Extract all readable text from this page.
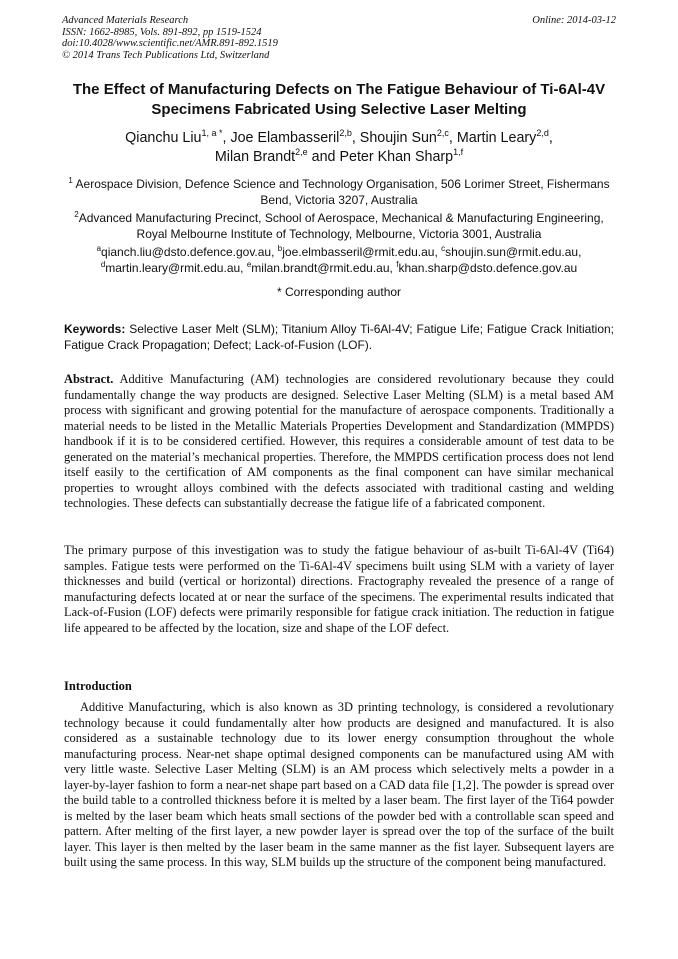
Advanced Materials Research
ISSN: 1662-8985, Vols. 891-892, pp 1519-1524
doi:10.4028/www.scientific.net/AMR.891-892.1519
© 2014 Trans Tech Publications Ltd, Switzerland
Online: 2014-03-12
The Effect of Manufacturing Defects on The Fatigue Behaviour of Ti-6Al-4V Specimens Fabricated Using Selective Laser Melting
Qianchu Liu$^{1, a *}$, Joe Elambasseril$^{2,b}$, Shoujin Sun$^{2,c}$, Martin Leary$^{2,d}$,
Milan Brandt$^{2,e}$ and Peter Khan Sharp$^{1,f}$
$^1$ Aerospace Division, Defence Science and Technology Organisation, 506 Lorimer Street, Fishermans Bend, Victoria 3207, Australia
$^2$Advanced Manufacturing Precinct, School of Aerospace, Mechanical & Manufacturing Engineering, Royal Melbourne Institute of Technology, Melbourne, Victoria 3001, Australia
$^a$qianch.liu@dsto.defence.gov.au, $^b$joe.elmbasseril@rmit.edu.au, $^c$shoujin.sun@rmit.edu.au,
$^d$martin.leary@rmit.edu.au, $^e$milan.brandt@rmit.edu.au, $^f$khan.sharp@dsto.defence.gov.au
* Corresponding author
Keywords: Selective Laser Melt (SLM); Titanium Alloy Ti-6Al-4V; Fatigue Life; Fatigue Crack Initiation; Fatigue Crack Propagation; Defect; Lack-of-Fusion (LOF).

Abstract. Additive Manufacturing (AM) technologies are considered revolutionary because they could fundamentally change the way products are designed. Selective Laser Melting (SLM) is a metal based AM process with significant and growing potential for the manufacture of aerospace components. Traditionally a material needs to be listed in the Metallic Materials Properties Development and Standardization (MMPDS) handbook if it is to be considered certified. However, this requires a considerable amount of test data to be generated on the material’s mechanical properties. Therefore, the MMPDS certification process does not lend itself easily to the certification of AM components as the final component can have similar mechanical properties to wrought alloys combined with the defects associated with traditional casting and welding technologies. These defects can substantially decrease the fatigue life of a fabricated component.

The primary purpose of this investigation was to study the fatigue behaviour of as-built Ti-6Al-4V (Ti64) samples. Fatigue tests were performed on the Ti-6Al-4V specimens built using SLM with a variety of layer thicknesses and build (vertical or horizontal) directions. Fractography revealed the presence of a range of manufacturing defects located at or near the surface of the specimens. The experimental results indicated that Lack-of-Fusion (LOF) defects were primarily responsible for fatigue crack initiation. The reduction in fatigue life appeared to be affected by the location, size and shape of the LOF defect.

Introduction

Additive Manufacturing, which is also known as 3D printing technology, is considered a revolutionary technology because it could fundamentally alter how products are designed and manufactured. It is also considered as a sustainable technology due to its lower energy consumption throughout the whole manufacturing process. Near-net shape optimal designed components can be manufactured using AM with very little waste. Selective Laser Melting (SLM) is an AM process which selectively melts a powder in a layer-by-layer fashion to form a near-net shape part based on a CAD data file [1,2]. The powder is spread over the build table to a controlled thickness before it is melted by a laser beam. The first layer of the Ti64 powder is melted by the laser beam which heats small sections of the powder bed with a controllable scan speed and pattern. After melting of the first layer, a new powder layer is spread over the top of the surface of the built layer. This layer is then melted by the laser beam in the same manner as the fist layer. Subsequent layers are built using the same process. In this way, SLM builds up the structure of the component being manufactured.
